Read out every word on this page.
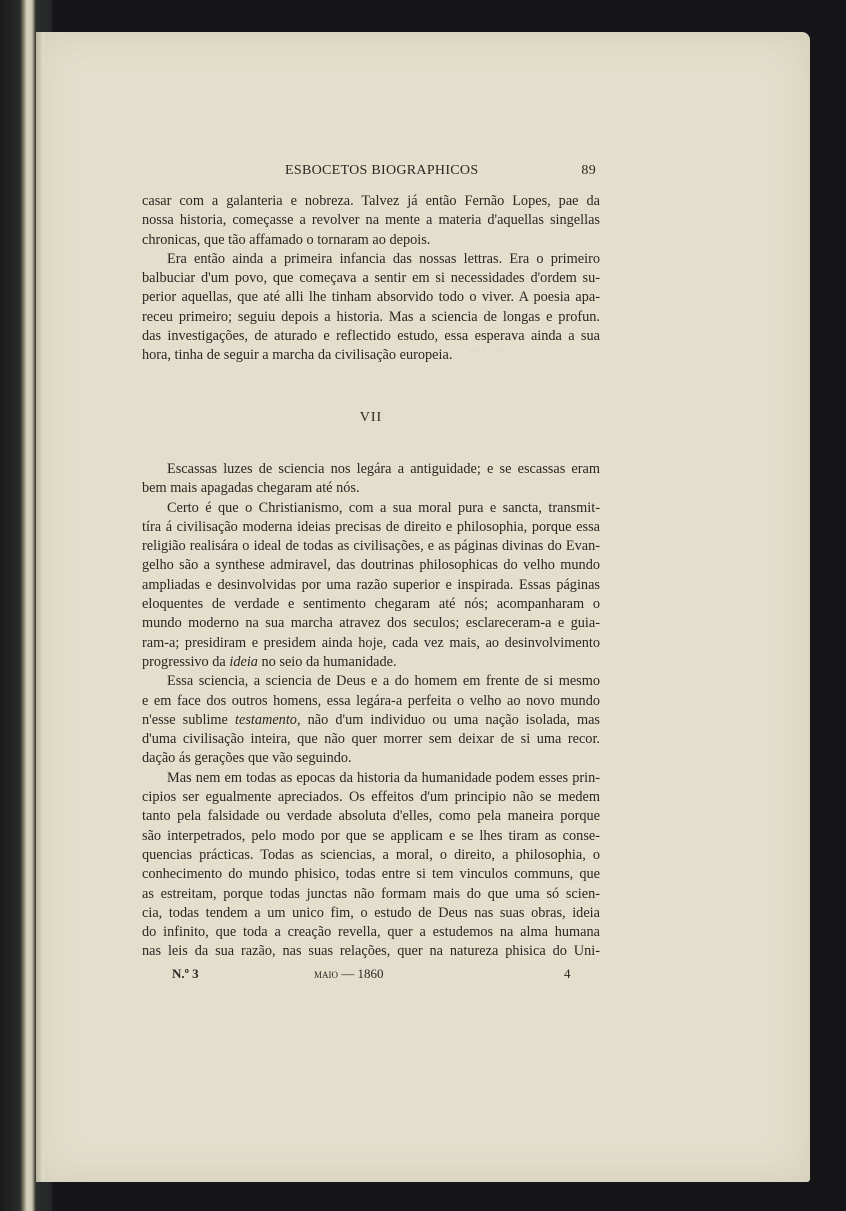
. . . . . .
ESBOCETOS BIOGRAPHICOS	89
casar com a galanteria e nobreza. Talvez já então Fernão Lopes, pae da
nossa historia, começasse a revolver na mente a materia d'aquellas singellas
chronicas, que tão affamado o tornaram ao depois.
Era então ainda a primeira infancia das nossas lettras. Era o primeiro
balbuciar d'um povo, que começava a sentir em si necessidades d'ordem su-
perior aquellas, que até alli lhe tinham absorvido todo o viver. A poesia apa-
receu primeiro; seguiu depois a historia. Mas a sciencia de longas e profun.
das investigações, de aturado e reflectido estudo, essa esperava ainda a sua
hora, tinha de seguir a marcha da civilisação europeia.
VII
Escassas luzes de sciencia nos legára a antiguidade; e se escassas eram
bem mais apagadas chegaram até nós.
Certo é que o Christianismo, com a sua moral pura e sancta, transmit-
tíra á civilisação moderna ideias precisas de direito e philosophia, porque essa
religião realisára o ideal de todas as civilisações, e as páginas divinas do Evan-
gelho são a synthese admiravel, das doutrinas philosophicas do velho mundo
ampliadas e desinvolvidas por uma razão superior e inspirada. Essas páginas
eloquentes de verdade e sentimento chegaram até nós; acompanharam o
mundo moderno na sua marcha atravez dos seculos; esclareceram-a e guia-
ram-a; presidiram e presidem ainda hoje, cada vez mais, ao desinvolvimento
progressivo da ideia no seio da humanidade.
Essa sciencia, a sciencia de Deus e a do homem em frente de si mesmo
e em face dos outros homens, essa legára-a perfeita o velho ao novo mundo
n'esse sublime testamento, não d'um individuo ou uma nação isolada, mas
d'uma civilisação inteira, que não quer morrer sem deixar de si uma recor.
dação ás gerações que vão seguindo.
Mas nem em todas as epocas da historia da humanidade podem esses prin-
cipios ser egualmente apreciados. Os effeitos d'um principio não se medem
tanto pela falsidade ou verdade absoluta d'elles, como pela maneira porque
são interpetrados, pelo modo por que se applicam e se lhes tiram as conse-
quencias prácticas. Todas as sciencias, a moral, o direito, a philosophia, o
conhecimento do mundo phisico, todas entre si tem vinculos communs, que
as estreitam, porque todas junctas não formam mais do que uma só scien-
cia, todas tendem a um unico fim, o estudo de Deus nas suas obras, ideia
do infinito, que toda a creação revella, quer a estudemos na alma humana
nas leis da sua razão, nas suas relações, quer na natureza phisica do Uni-
N.º 3	maio — 1860	4
